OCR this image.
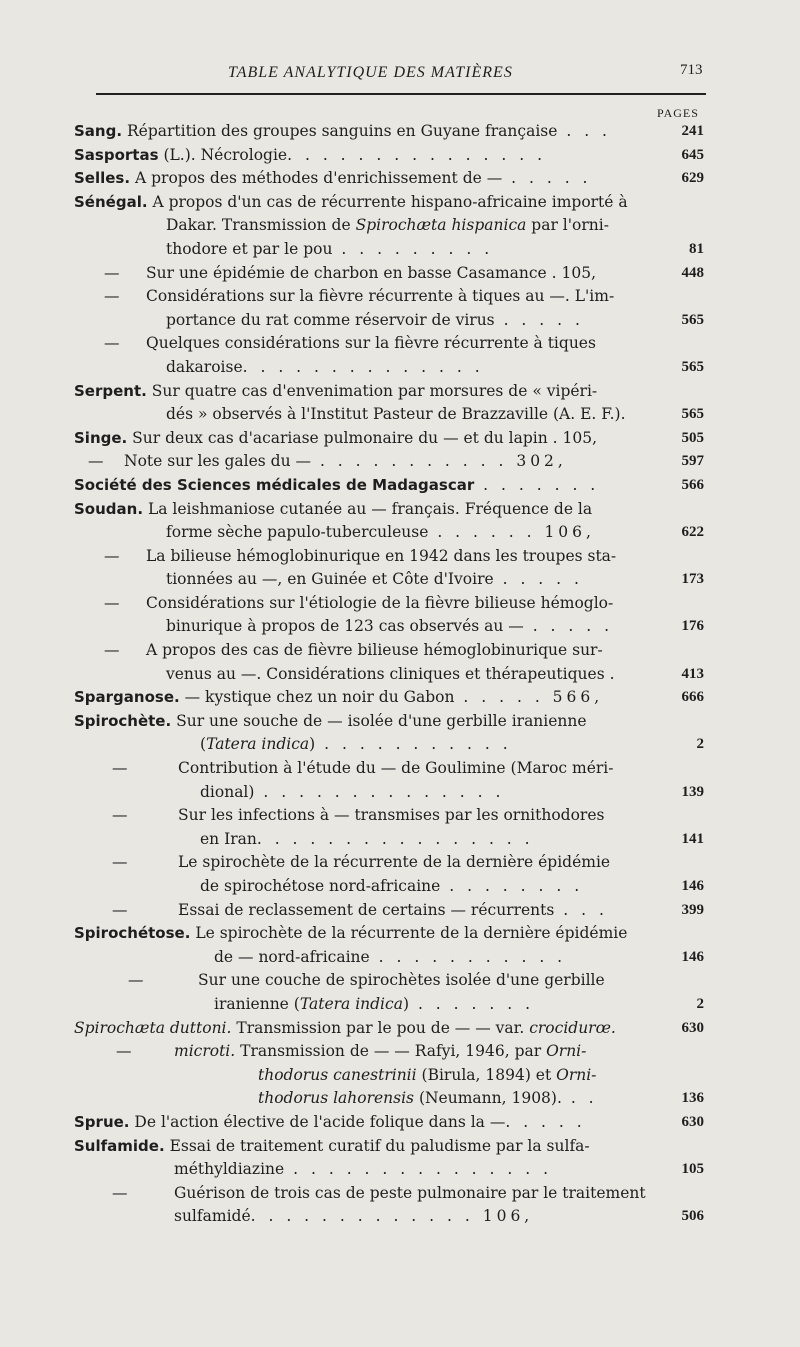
TABLE ANALYTIQUE DES MATIÈRES	713
PAGES
Sang. Répartition des groupes sanguins en Guyane française . . .	241
Sasportas (L.). Nécrologie. . . . . . . . . . . . . . .	645
Selles. A propos des méthodes d'enrichissement de — . . . . .	629
Sénégal. A propos d'un cas de récurrente hispano-africaine importé à
Dakar. Transmission de Spirochæta hispanica par l'orni-
thodore et par le pou . . . . . . . . .	81
— Sur une épidémie de charbon en basse Casamance . 105,	448
— Considérations sur la fièvre récurrente à tiques au —. L'im-
portance du rat comme réservoir de virus . . . . .	565
— Quelques considérations sur la fièvre récurrente à tiques
dakaroise. . . . . . . . . . . . . .	565
Serpent. Sur quatre cas d'envenimation par morsures de « vipéri-
dés » observés à l'Institut Pasteur de Brazzaville (A. E. F.).	565
Singe. Sur deux cas d'acariase pulmonaire du — et du lapin . 105,	505
— Note sur les gales du — . . . . . . . . . . . 302,	597
Société des Sciences médicales de Madagascar . . . . . . .	566
Soudan. La leishmaniose cutanée au — français. Fréquence de la
forme sèche papulo-tuberculeuse . . . . . . 106,	622
— La bilieuse hémoglobinurique en 1942 dans les troupes sta-
tionnées au —, en Guinée et Côte d'Ivoire . . . . .	173
— Considérations sur l'étiologie de la fièvre bilieuse hémoglo-
binurique à propos de 123 cas observés au — . . . . .	176
— A propos des cas de fièvre bilieuse hémoglobinurique sur-
venus au —. Considérations cliniques et thérapeutiques .	413
Sparganose. — kystique chez un noir du Gabon . . . . . 566,	666
Spirochète. Sur une souche de — isolée d'une gerbille iranienne
(Tatera indica) . . . . . . . . . . .	2
—	Contribution à l'étude du — de Goulimine (Maroc méri-
dional) . . . . . . . . . . . . . .	139
—	Sur les infections à — transmises par les ornithodores
en Iran. . . . . . . . . . . . . . . .	141
—	Le spirochète de la récurrente de la dernière épidémie
de spirochétose nord-africaine . . . . . . . .	146
—	Essai de reclassement de certains — récurrents . . .	399
Spirochétose. Le spirochète de la récurrente de la dernière épidémie
de — nord-africaine . . . . . . . . . . .	146
—	Sur une couche de spirochètes isolée d'une gerbille
iranienne (Tatera indica) . . . . . . .	2
Spirochæta duttoni. Transmission par le pou de — — var. crocidurœ.	630
—	microti. Transmission de — — Rafyi, 1946, par Orni-
thodorus canestrinii (Birula, 1894) et Orni-
thodorus lahorensis (Neumann, 1908). . .	136
Sprue. De l'action élective de l'acide folique dans la —. . . . .	630
Sulfamide. Essai de traitement curatif du paludisme par la sulfa-
méthyldiazine . . . . . . . . . . . . . . .	105
—	Guérison de trois cas de peste pulmonaire par le traitement
sulfamidé. . . . . . . . . . . . . 106,	506
